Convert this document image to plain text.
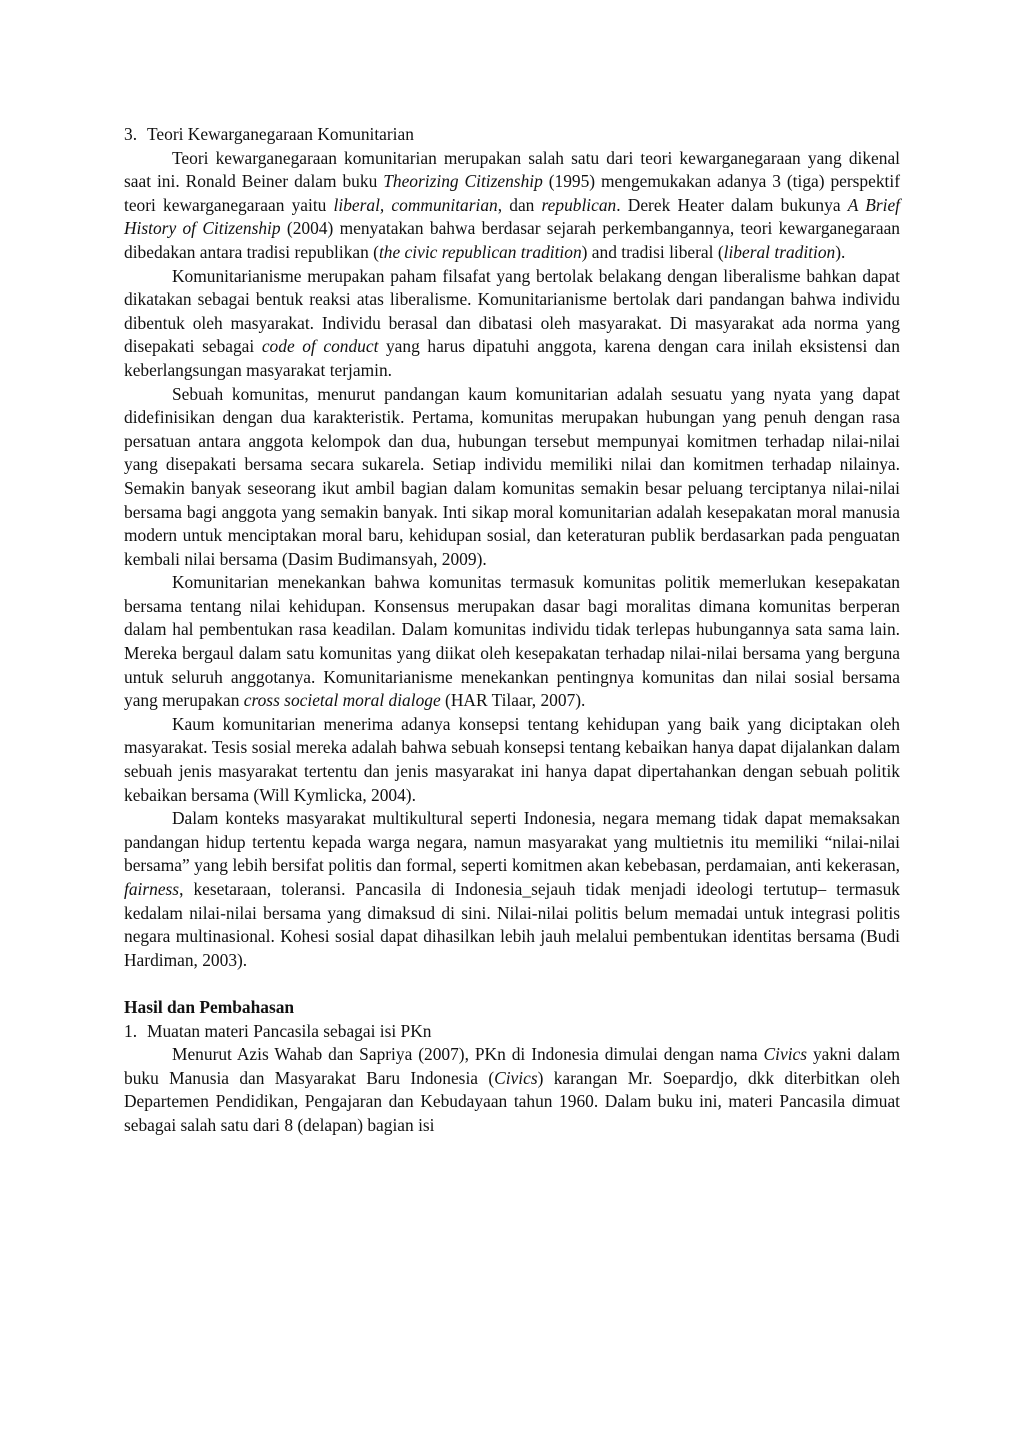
3. Teori Kewarganegaraan Komunitarian

Teori kewarganegaraan komunitarian merupakan salah satu dari teori kewarganegaraan yang dikenal saat ini. Ronald Beiner dalam buku Theorizing Citizenship (1995) mengemukakan adanya 3 (tiga) perspektif teori kewarganegaraan yaitu liberal, communitarian, dan republican. Derek Heater dalam bukunya A Brief History of Citizenship (2004) menyatakan bahwa berdasar sejarah perkembangannya, teori kewarganegaraan dibedakan antara tradisi republikan (the civic republican tradition) and tradisi liberal (liberal tradition).

Komunitarianisme merupakan paham filsafat yang bertolak belakang dengan liberalisme bahkan dapat dikatakan sebagai bentuk reaksi atas liberalisme. Komunitarianisme bertolak dari pandangan bahwa individu dibentuk oleh masyarakat. Individu berasal dan dibatasi oleh masyarakat. Di masyarakat ada norma yang disepakati sebagai code of conduct yang harus dipatuhi anggota, karena dengan cara inilah eksistensi dan keberlangsungan masyarakat terjamin.

Sebuah komunitas, menurut pandangan kaum komunitarian adalah sesuatu yang nyata yang dapat didefinisikan dengan dua karakteristik. Pertama, komunitas merupakan hubungan yang penuh dengan rasa persatuan antara anggota kelompok dan dua, hubungan tersebut mempunyai komitmen terhadap nilai-nilai yang disepakati bersama secara sukarela. Setiap individu memiliki nilai dan komitmen terhadap nilainya. Semakin banyak seseorang ikut ambil bagian dalam komunitas semakin besar peluang terciptanya nilai-nilai bersama bagi anggota yang semakin banyak. Inti sikap moral komunitarian adalah kesepakatan moral manusia modern untuk menciptakan moral baru, kehidupan sosial, dan keteraturan publik berdasarkan pada penguatan kembali nilai bersama (Dasim Budimansyah, 2009).

Komunitarian menekankan bahwa komunitas termasuk komunitas politik memerlukan kesepakatan bersama tentang nilai kehidupan. Konsensus merupakan dasar bagi moralitas dimana komunitas berperan dalam hal pembentukan rasa keadilan. Dalam komunitas individu tidak terlepas hubungannya sata sama lain. Mereka bergaul dalam satu komunitas yang diikat oleh kesepakatan terhadap nilai-nilai bersama yang berguna untuk seluruh anggotanya. Komunitarianisme menekankan pentingnya komunitas dan nilai sosial bersama yang merupakan cross societal moral dialoge (HAR Tilaar, 2007).

Kaum komunitarian menerima adanya konsepsi tentang kehidupan yang baik yang diciptakan oleh masyarakat. Tesis sosial mereka adalah bahwa sebuah konsepsi tentang kebaikan hanya dapat dijalankan dalam sebuah jenis masyarakat tertentu dan jenis masyarakat ini hanya dapat dipertahankan dengan sebuah politik kebaikan bersama (Will Kymlicka, 2004).

Dalam konteks masyarakat multikultural seperti Indonesia, negara memang tidak dapat memaksakan pandangan hidup tertentu kepada warga negara, namun masyarakat yang multietnis itu memiliki “nilai-nilai bersama” yang lebih bersifat politis dan formal, seperti komitmen akan kebebasan, perdamaian, anti kekerasan, fairness, kesetaraan, toleransi. Pancasila di Indonesia_sejauh tidak menjadi ideologi tertutup– termasuk kedalam nilai-nilai bersama yang dimaksud di sini. Nilai-nilai politis belum memadai untuk integrasi politis negara multinasional. Kohesi sosial dapat dihasilkan lebih jauh melalui pembentukan identitas bersama (Budi Hardiman, 2003).

Hasil dan Pembahasan
1. Muatan materi Pancasila sebagai isi PKn

Menurut Azis Wahab dan Sapriya (2007), PKn di Indonesia dimulai dengan nama Civics yakni dalam buku Manusia dan Masyarakat Baru Indonesia (Civics) karangan Mr. Soepardjo, dkk diterbitkan oleh Departemen Pendidikan, Pengajaran dan Kebudayaan tahun 1960. Dalam buku ini, materi Pancasila dimuat sebagai salah satu dari 8 (delapan) bagian isi
